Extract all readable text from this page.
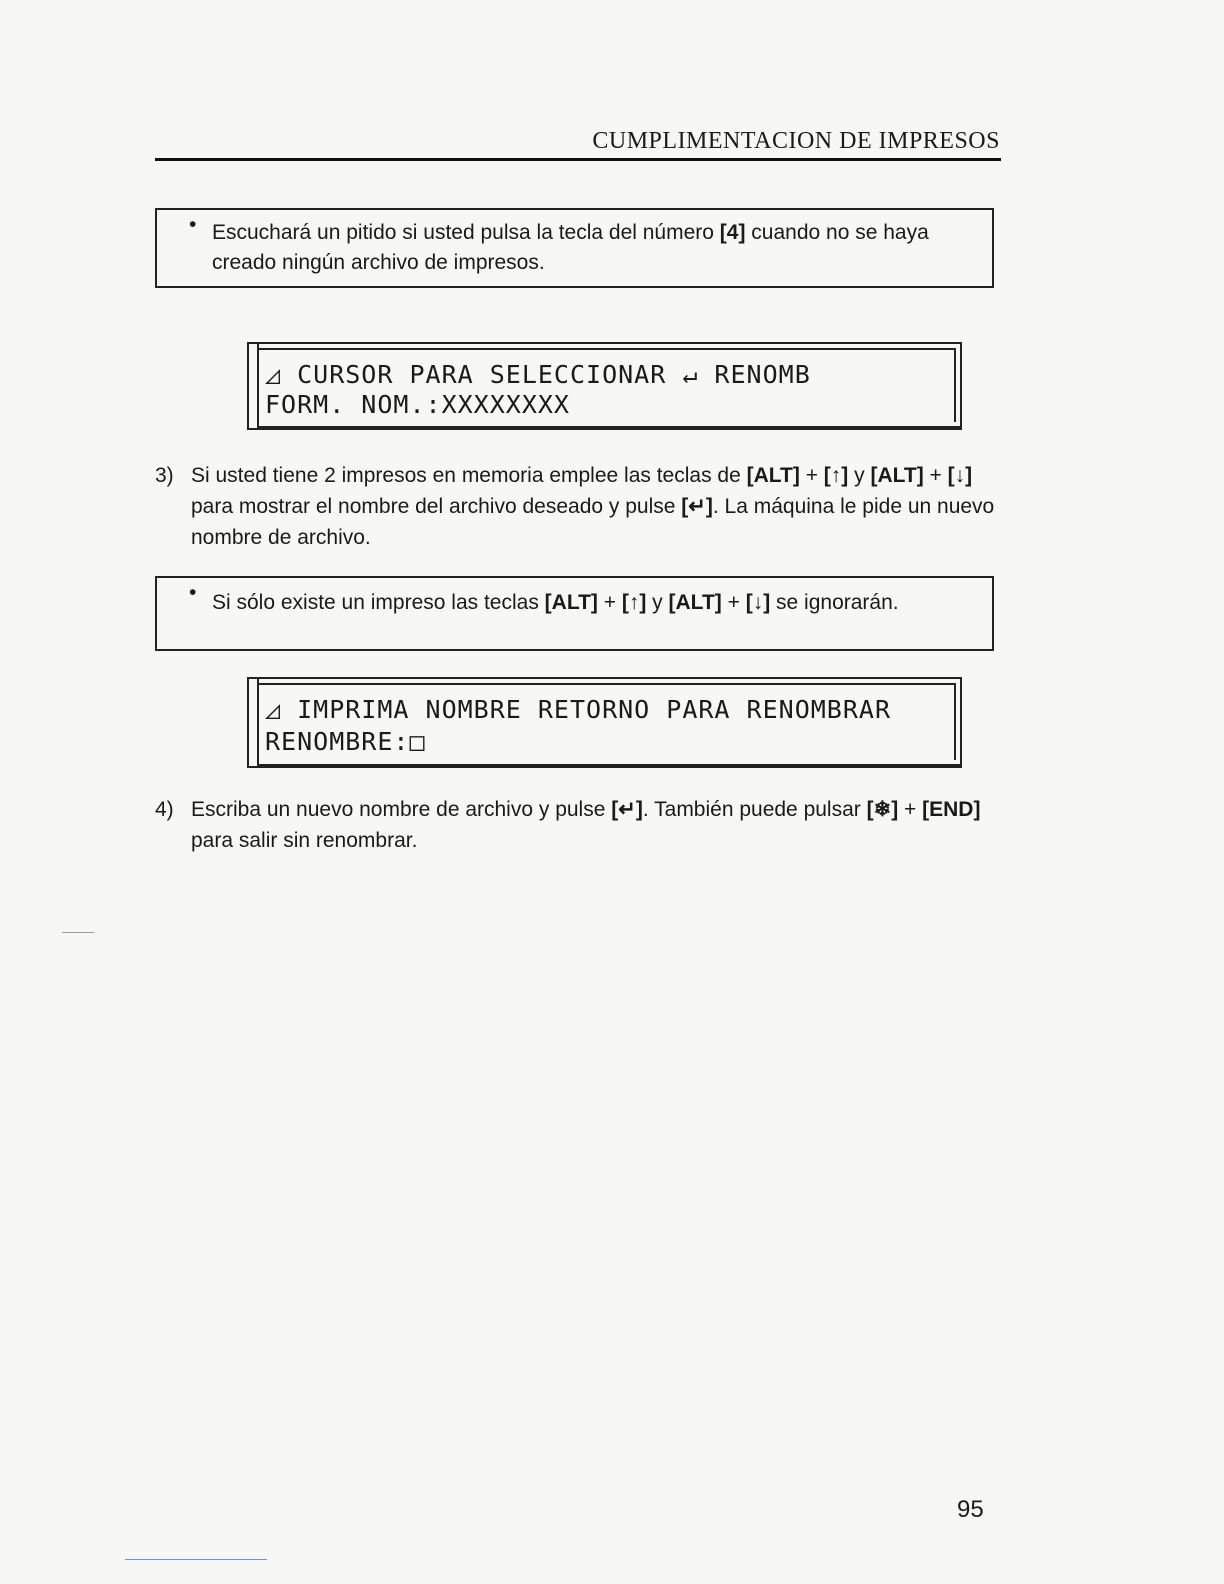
CUMPLIMENTACION DE IMPRESOS
• Escuchará un pitido si usted pulsa la tecla del número [4] cuando no se haya creado ningún archivo de impresos.
◿ CURSOR PARA SELECCIONAR ↵ RENOMB
FORM. NOM.:XXXXXXXX
3) Si usted tiene 2 impresos en memoria emplee las teclas de [ALT] + [↑] y [ALT] + [↓] para mostrar el nombre del archivo deseado y pulse [↵]. La máquina le pide un nuevo nombre de archivo.
• Si sólo existe un impreso las teclas [ALT] + [↑] y [ALT] + [↓] se ignorarán.
◿ IMPRIMA NOMBRE RETORNO PARA RENOMBRAR
RENOMBRE:□
4) Escriba un nuevo nombre de archivo y pulse [↵]. También puede pulsar [❄] + [END] para salir sin renombrar.
95
